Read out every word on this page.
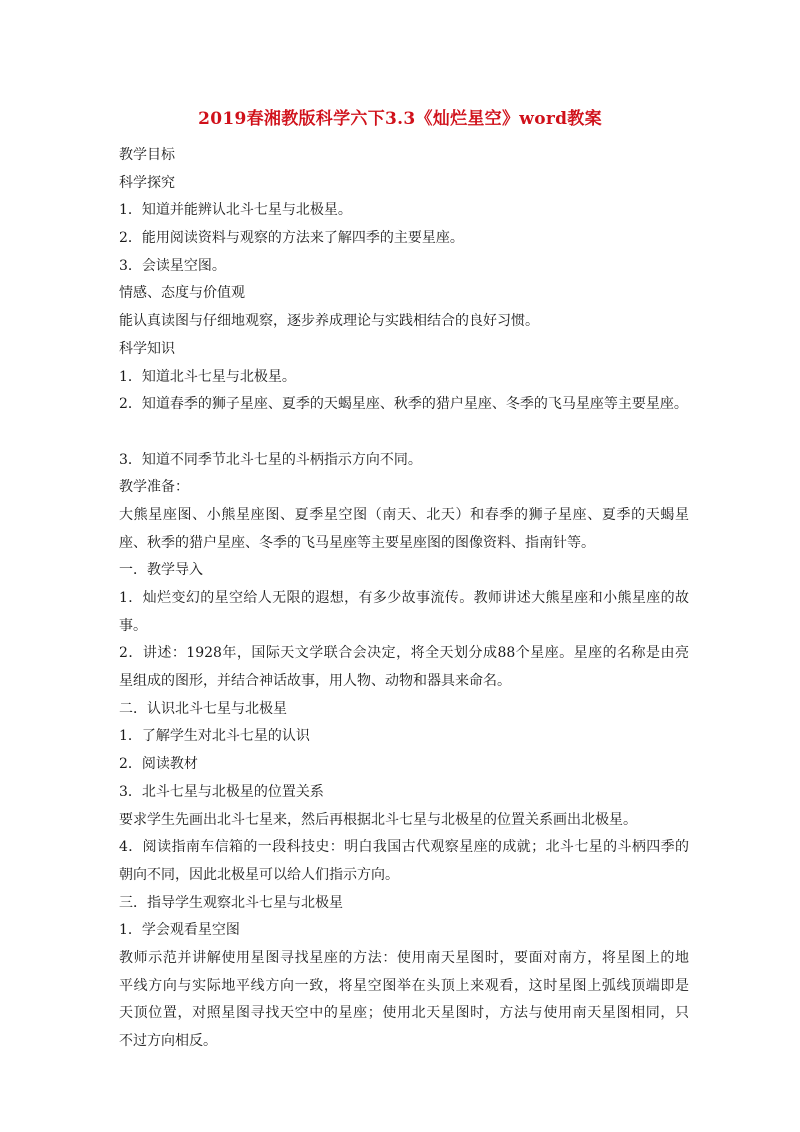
2019春湘教版科学六下3.3《灿烂星空》word教案
教学目标
科学探究
1．知道并能辨认北斗七星与北极星。
2．能用阅读资料与观察的方法来了解四季的主要星座。
3．会读星空图。
情感、态度与价值观
能认真读图与仔细地观察，逐步养成理论与实践相结合的良好习惯。
科学知识
1．知道北斗七星与北极星。
2．知道春季的狮子星座、夏季的天蝎星座、秋季的猎户星座、冬季的飞马星座等主要星座。
3．知道不同季节北斗七星的斗柄指示方向不同。
教学准备：
大熊星座图、小熊星座图、夏季星空图（南天、北天）和春季的狮子星座、夏季的天蝎星
座、秋季的猎户星座、冬季的飞马星座等主要星座图的图像资料、指南针等。
一．教学导入
1．灿烂变幻的星空给人无限的遐想，有多少故事流传。教师讲述大熊星座和小熊星座的故
事。
2．讲述：1928年，国际天文学联合会决定，将全天划分成88个星座。星座的名称是由亮
星组成的图形，并结合神话故事，用人物、动物和器具来命名。
二．认识北斗七星与北极星
1．了解学生对北斗七星的认识
2．阅读教材
3．北斗七星与北极星的位置关系
要求学生先画出北斗七星来，然后再根据北斗七星与北极星的位置关系画出北极星。
4．阅读指南车信箱的一段科技史：明白我国古代观察星座的成就；北斗七星的斗柄四季的
朝向不同，因此北极星可以给人们指示方向。
三．指导学生观察北斗七星与北极星
1．学会观看星空图
教师示范并讲解使用星图寻找星座的方法：使用南天星图时，要面对南方，将星图上的地
平线方向与实际地平线方向一致，将星空图举在头顶上来观看，这时星图上弧线顶端即是
天顶位置，对照星图寻找天空中的星座；使用北天星图时，方法与使用南天星图相同，只
不过方向相反。
